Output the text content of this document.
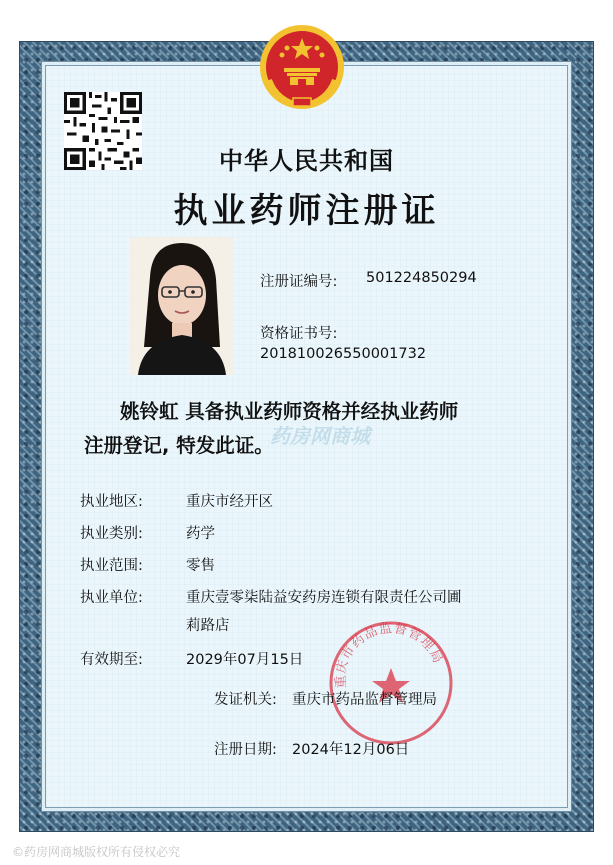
中华人民共和国
执业药师注册证
注册证编号: 501224850294
资格证书号:
20181002655000173​2
药房网商城
姚铃虹 具备执业药师资格并经执业药师
注册登记, 特发此证。
执业地区:	重庆市经开区
执业类别:	药学
执业范围:	零售
执业单位:	重庆壹零柒陆益安药房连锁有限责任公司圃
莉路店
有效期至:	2029年07月15日
重庆市药品监督管理局
发证机关: 重庆市药品监督管理局
注册日期: 2024年12月06日
©药房网商城版权所有侵权必究
